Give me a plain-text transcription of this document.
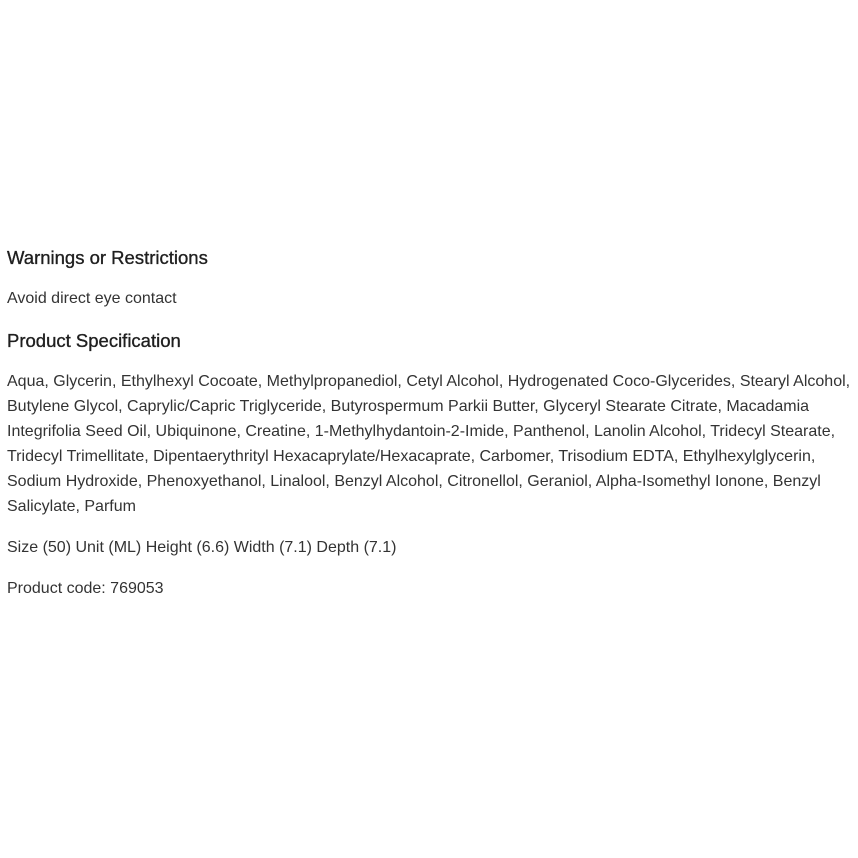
Warnings or Restrictions

Avoid direct eye contact

Product Specification

Aqua, Glycerin, Ethylhexyl Cocoate, Methylpropanediol, Cetyl Alcohol, Hydrogenated Coco-Glycerides, Stearyl Alcohol, Butylene Glycol, Caprylic/Capric Triglyceride, Butyrospermum Parkii Butter, Glyceryl Stearate Citrate, Macadamia Integrifolia Seed Oil, Ubiquinone, Creatine, 1-Methylhydantoin-2-Imide, Panthenol, Lanolin Alcohol, Tridecyl Stearate, Tridecyl Trimellitate, Dipentaerythrityl Hexacaprylate/Hexacaprate, Carbomer, Trisodium EDTA, Ethylhexylglycerin, Sodium Hydroxide, Phenoxyethanol, Linalool, Benzyl Alcohol, Citronellol, Geraniol, Alpha-Isomethyl Ionone, Benzyl Salicylate, Parfum

Size (50) Unit (ML) Height (6.6) Width (7.1) Depth (7.1)

Product code: 769053
